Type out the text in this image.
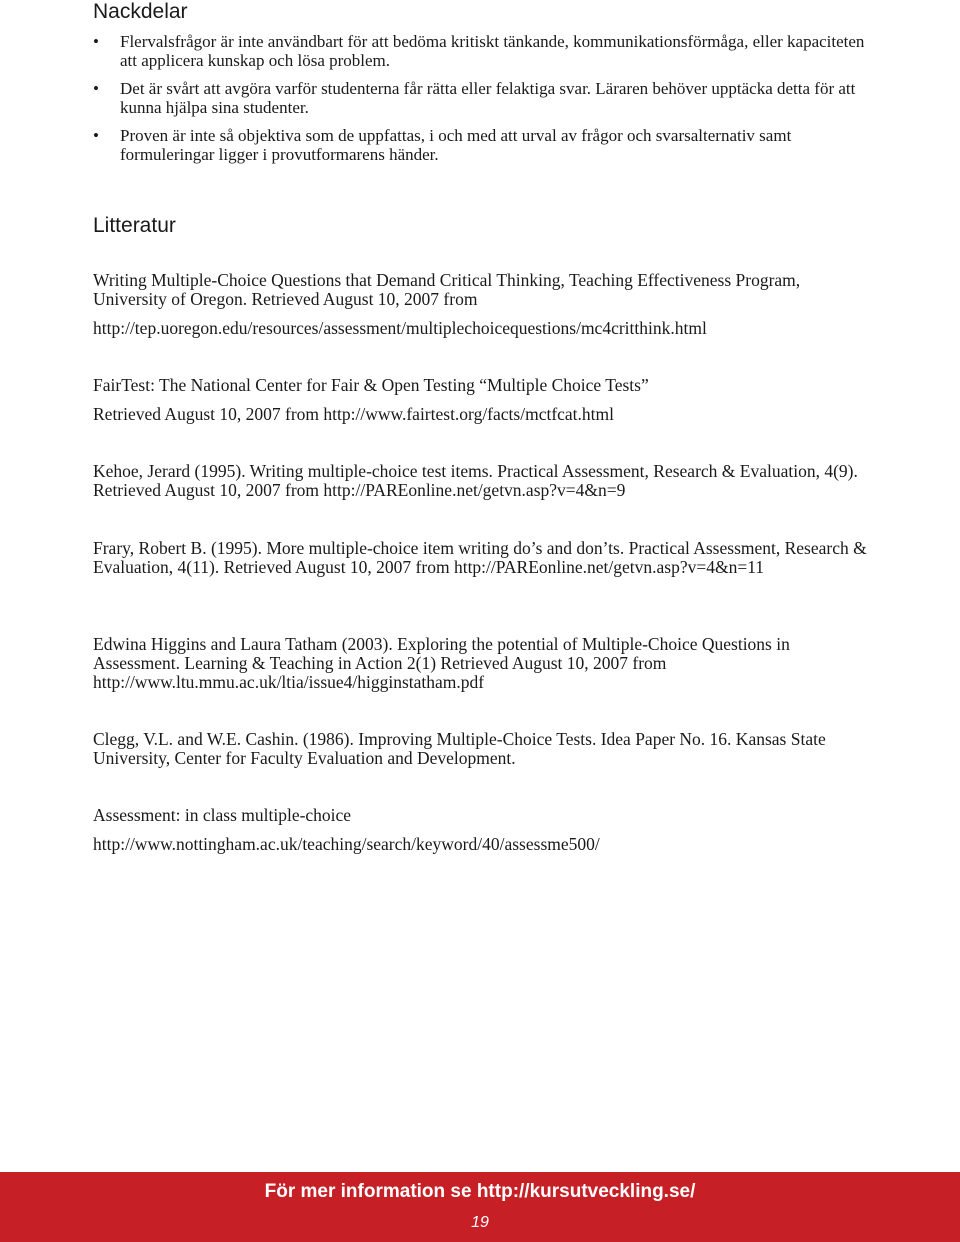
Nackdelar
• Flervalsfrågor är inte användbart för att bedöma kritiskt tänkande, kommunikationsförmåga, eller kapaciteten att applicera kunskap och lösa problem.
• Det är svårt att avgöra varför studenterna får rätta eller felaktiga svar. Läraren behöver upptäcka detta för att kunna hjälpa sina studenter.
• Proven är inte så objektiva som de uppfattas, i och med att urval av frågor och svarsalternativ samt formuleringar ligger i provutformarens händer.
Litteratur

Writing Multiple-Choice Questions that Demand Critical Thinking, Teaching Effectiveness Program, University of Oregon. Retrieved August 10, 2007 from

http://tep.uoregon.edu/resources/assessment/multiplechoicequestions/mc4critthink.html

FairTest: The National Center for Fair & Open Testing “Multiple Choice Tests”

Retrieved August 10, 2007 from http://www.fairtest.org/facts/mctfcat.html

Kehoe, Jerard (1995). Writing multiple-choice test items. Practical Assessment, Research & Evaluation, 4(9). Retrieved August 10, 2007 from http://PAREonline.net/getvn.asp?v=4&n=9

Frary, Robert B. (1995). More multiple-choice item writing do’s and don’ts. Practical Assessment, Research & Evaluation, 4(11). Retrieved August 10, 2007 from http://PAREonline.net/getvn.asp?v=4&n=11

Edwina Higgins and Laura Tatham (2003). Exploring the potential of Multiple-Choice Questions in Assessment. Learning & Teaching in Action 2(1) Retrieved August 10, 2007 from http://www.ltu.mmu.ac.uk/ltia/issue4/higginstatham.pdf

Clegg, V.L. and W.E. Cashin. (1986). Improving Multiple-Choice Tests. Idea Paper No. 16. Kansas State University, Center for Faculty Evaluation and Development.

Assessment: in class multiple-choice

http://www.nottingham.ac.uk/teaching/search/keyword/40/assessme500/

För mer information se http://kursutveckling.se/
19
